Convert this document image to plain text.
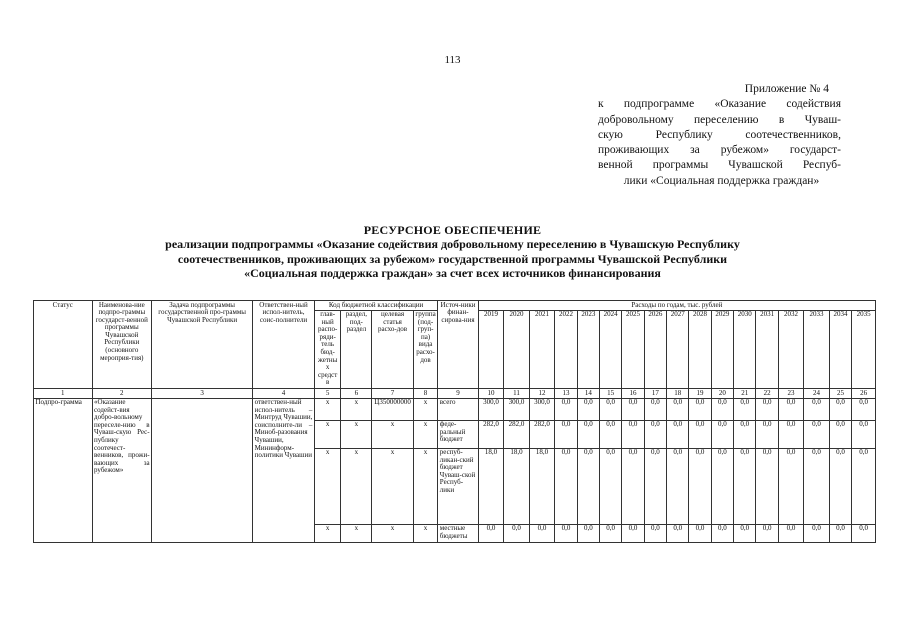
113
Приложение № 4
к подпрограмме «Оказание содействия
добровольному переселению в Чуваш-
скую Республику соотечественников,
проживающих за рубежом» государст-
венной программы Чувашской Респуб-
лики «Социальная поддержка граждан»
РЕСУРСНОЕ ОБЕСПЕЧЕНИЕ
реализации подпрограммы «Оказание содействия добровольному переселению в Чувашскую Республику
соотечественников, проживающих за рубежом» государственной программы Чувашской Республики
«Социальная поддержка граждан» за счет всех источников финансирования
Статус	Наименова-ние подпро-граммы государст-венной программы Чувашской Республики (основного мероприя-тия)	Задача подпрограммы государственной про-граммы Чувашской Республики	Ответствен-ный испол-нитель, соис-полнители	Код бюджетной классификации				Источ-ники финан-сирова-ния	Расходы по годам, тыс. рублей																
				глав-ный распо-ряди-тель бюд-жетных средств	раздел, под-раздел	целевая статья расхо-дов	группа (под-груп-па) вида расхо-дов		2019	2020	2021	2022	2023	2024	2025	2026	2027	2028	2029	2030	2031	2032	2033	2034	2035
1	2	3	4	5	6	7	8	9	10	11	12	13	14	15	16	17	18	19	20	21	22	23	24	25	26
Подпро-грамма	«Оказание содейст-вия добро-вольному переселе-нию в Чуваш-скую Рес-публику соотечест-венников, прожи-вающих за рубежом»		ответствен-ный испол-нитель – Минтруд Чувашии, соисполните-ли – Миноб-разования Чувашии, Мининформ-политики Чувашии	х	х	Ц350000000	х	всего	300,0	300,0	300,0	0,0	0,0	0,0	0,0	0,0	0,0	0,0	0,0	0,0	0,0	0,0	0,0	0,0	0,0
				х	х	х	х	феде-ральный бюджет	282,0	282,0	282,0	0,0	0,0	0,0	0,0	0,0	0,0	0,0	0,0	0,0	0,0	0,0	0,0	0,0	0,0
				х	х	х	х	респуб-ликан-ский бюджет Чуваш-ской Респуб-лики	18,0	18,0	18,0	0,0	0,0	0,0	0,0	0,0	0,0	0,0	0,0	0,0	0,0	0,0	0,0	0,0	0,0
				х	х	х	х	местные бюджеты	0,0	0,0	0,0	0,0	0,0	0,0	0,0	0,0	0,0	0,0	0,0	0,0	0,0	0,0	0,0	0,0	0,0
